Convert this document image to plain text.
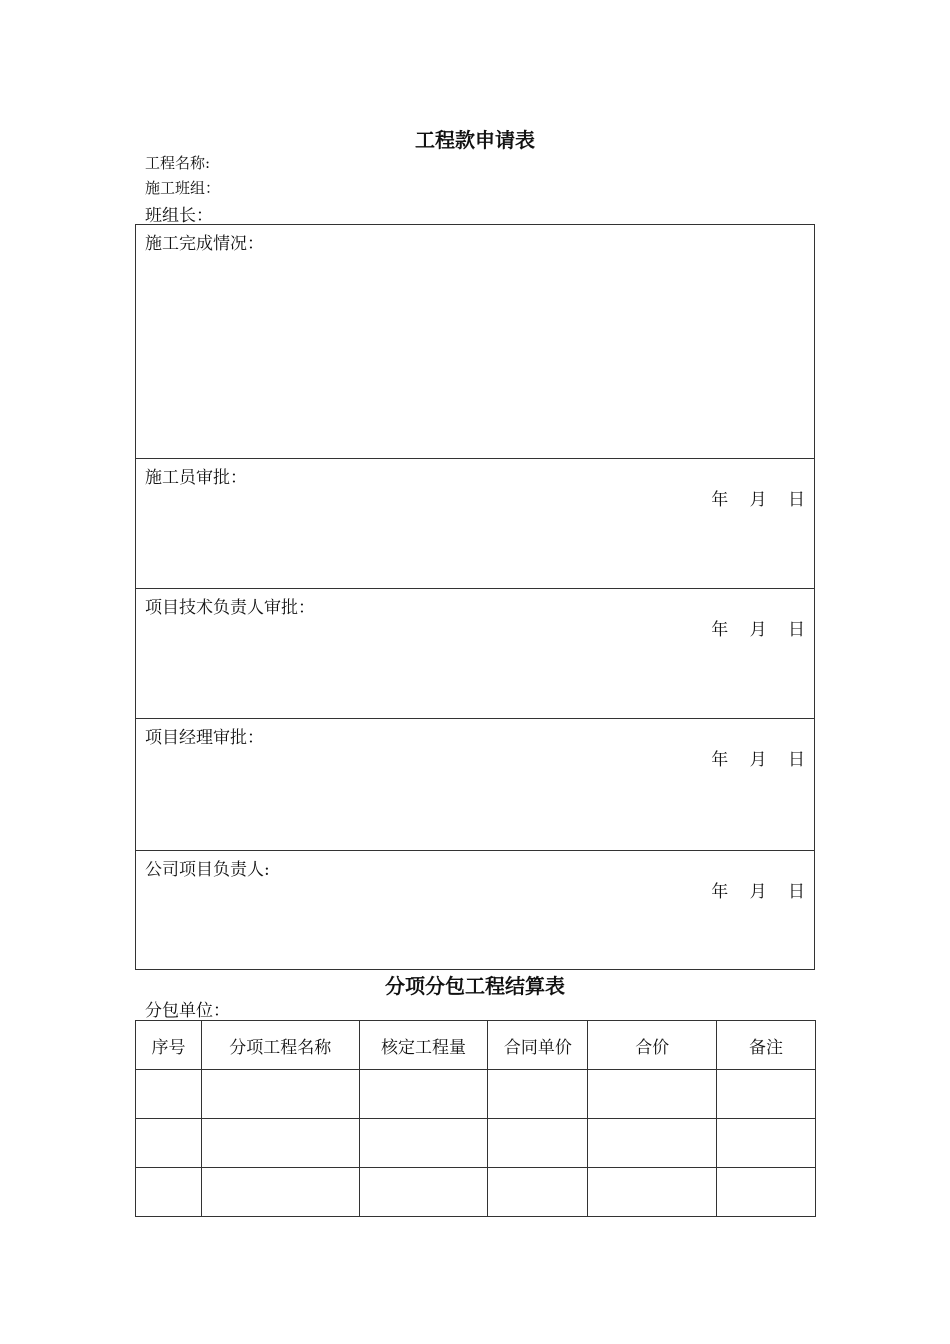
工程款申请表
工程名称:
施工班组：
班组长：
施工完成情况：
施工员审批：
年 月 日
项目技术负责人审批：
年 月 日
项目经理审批：
年 月 日
公司项目负责人:
年 月 日
分项分包工程结算表
分包单位：
序号	分项工程名称	核定工程量	合同单价	合价	备注
